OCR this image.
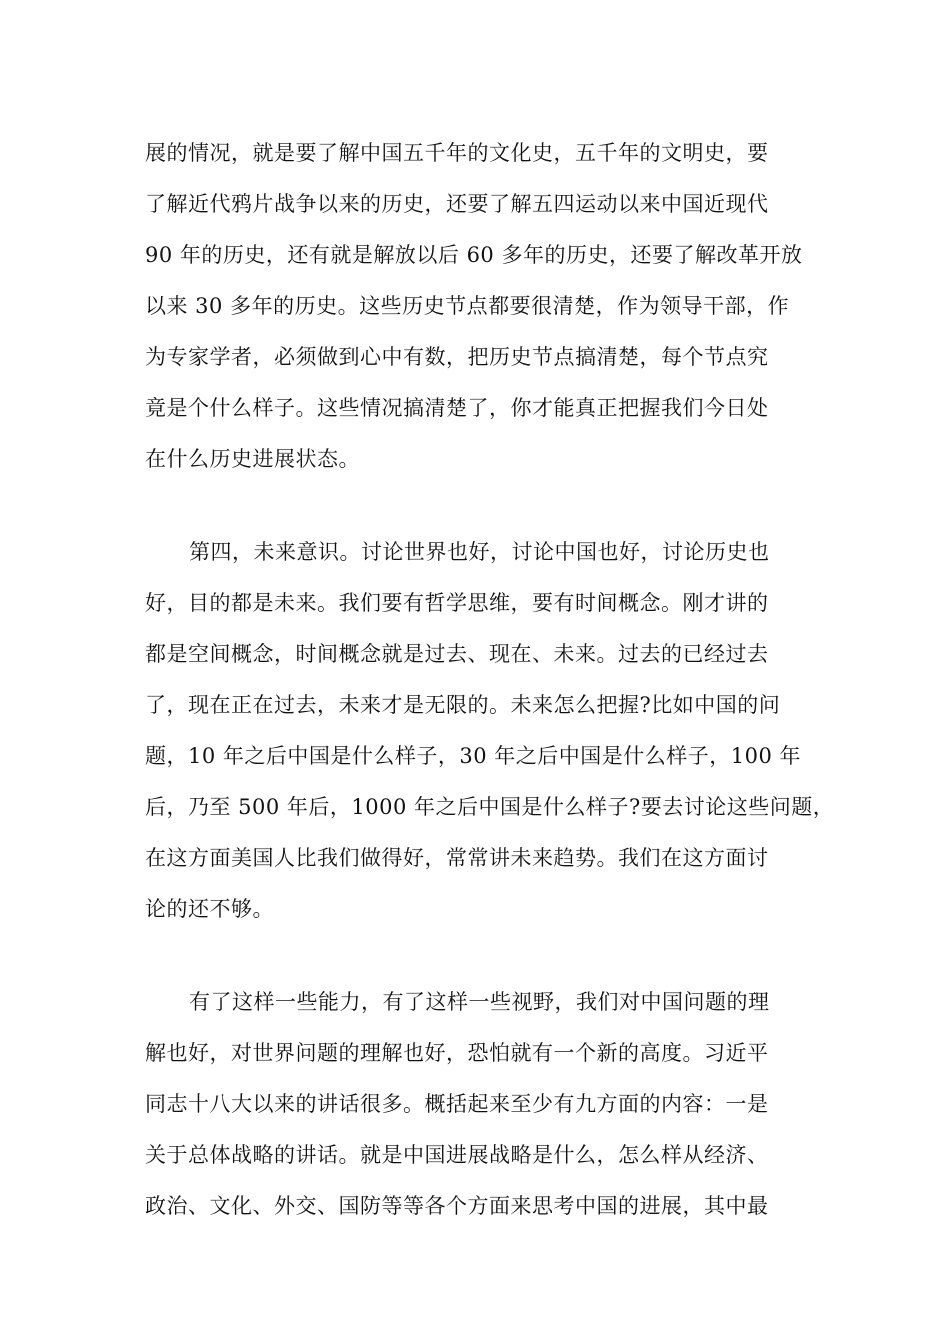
展的情况，就是要了解中国五千年的文化史，五千年的文明史，要
了解近代鸦片战争以来的历史，还要了解五四运动以来中国近现代
90 年的历史，还有就是解放以后 60 多年的历史，还要了解改革开放
以来 30 多年的历史。这些历史节点都要很清楚，作为领导干部，作
为专家学者，必须做到心中有数，把历史节点搞清楚，每个节点究
竟是个什么样子。这些情况搞清楚了，你才能真正把握我们今日处
在什么历史进展状态。
第四，未来意识。讨论世界也好，讨论中国也好，讨论历史也
好，目的都是未来。我们要有哲学思维，要有时间概念。刚才讲的
都是空间概念，时间概念就是过去、现在、未来。过去的已经过去
了，现在正在过去，未来才是无限的。未来怎么把握?比如中国的问
题，10 年之后中国是什么样子，30 年之后中国是什么样子，100 年
后，乃至 500 年后，1000 年之后中国是什么样子?要去讨论这些问题，
在这方面美国人比我们做得好，常常讲未来趋势。我们在这方面讨
论的还不够。
有了这样一些能力，有了这样一些视野，我们对中国问题的理
解也好，对世界问题的理解也好，恐怕就有一个新的高度。习近平
同志十八大以来的讲话很多。概括起来至少有九方面的内容：一是
关于总体战略的讲话。就是中国进展战略是什么，怎么样从经济、
政治、文化、外交、国防等等各个方面来思考中国的进展，其中最
